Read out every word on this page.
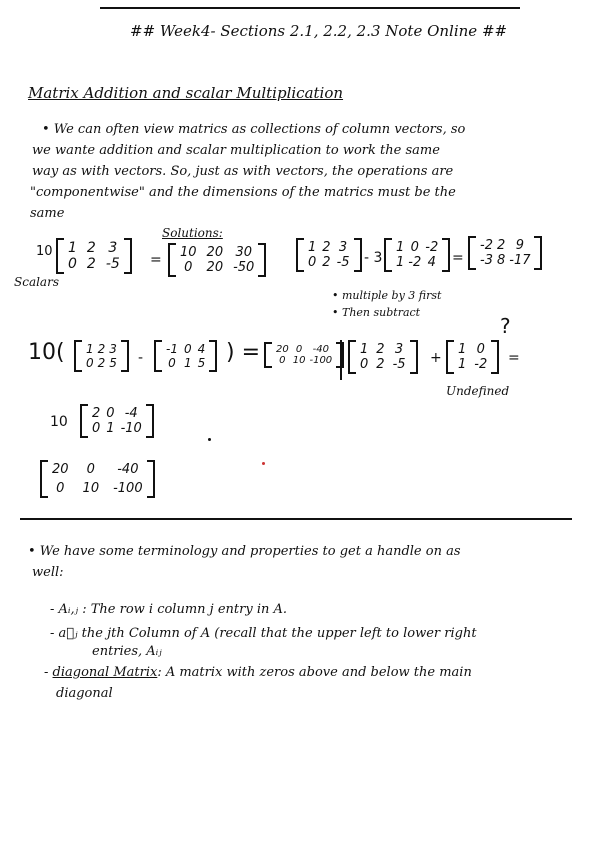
## Week4- Sections 2.1, 2.2, 2.3 Note Online ##
Matrix Addition and scalar Multiplication
• We can often view matrics as collections of column vectors, so
we wante addition and scalar multiplication to work the same
way as with vectors. So, just as with vectors, the operations are
"componentwise" and the dimensions of the matrics must be the
same
10
Scalars
1 2 3
0 2 -5 =
Solutions:
10 20 30
0	20 -50
1 2 3
0 2 -5 - 3
1 0 -2
1 -2 4 =
-2 2 9
-3 8 -17
• multiple by 3 first
• Then subtract
10( 1 2 3
0 2 5 -
-1 0 4
0 1 5 ) = 20 0	-40
0 10 -100
10
2 0 -4
0 1 -10
20	0	-40
0	10 -100
1 2 3
0 2 -5 +
1 0
1 -2 =
?
Undefined
• We have some terminology and properties to get a handle on as
well:
- Aᵢ,ⱼ : The row i column j entry in A.
- a⃗ⱼ the jth Column of A (recall that the upper left to lower right
entries, Aᵢⱼ
- diagonal Matrix: A matrix with zeros above and below the main
diagonal
